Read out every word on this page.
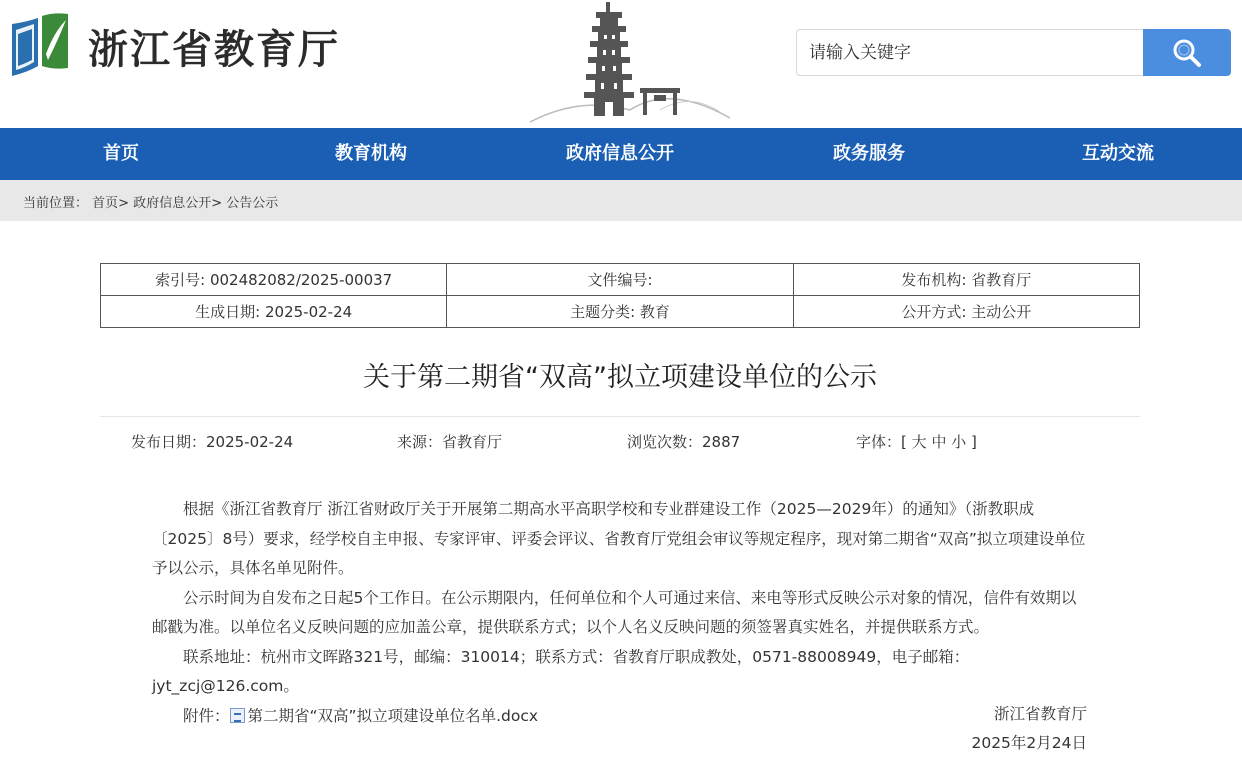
浙江省教育厅
请输入关键字
首页	教育机构	政府信息公开	政务服务	互动交流
当前位置： 首页> 政府信息公开> 公告公示
索引号: 002482082/2025-00037	文件编号:	发布机构: 省教育厅
生成日期: 2025-02-24	主题分类: 教育	公开方式: 主动公开
关于第二期省“双高”拟立项建设单位的公示
发布日期：2025-02-24	来源：省教育厅	浏览次数：2887	字体：[ 大 中 小 ]

根据《浙江省教育厅 浙江省财政厅关于开展第二期高水平高职学校和专业群建设工作（2025—2029年）的通知》（浙教职成〔2025〕8号）要求，经学校自主申报、专家评审、评委会评议、省教育厅党组会审议等规定程序，现对第二期省“双高”拟立项建设单位予以公示，具体名单见附件。

公示时间为自发布之日起5个工作日。在公示期限内，任何单位和个人可通过来信、来电等形式反映公示对象的情况，信件有效期以邮戳为准。以单位名义反映问题的应加盖公章，提供联系方式；以个人名义反映问题的须签署真实姓名，并提供联系方式。

联系地址：杭州市文晖路321号，邮编：310014；联系方式：省教育厅职成教处，0571-88008949，电子邮箱：jyt_zcj@126.com。

附件： 第二期省“双高”拟立项建设单位名单.docx	浙江省教育厅
2025年2月24日
